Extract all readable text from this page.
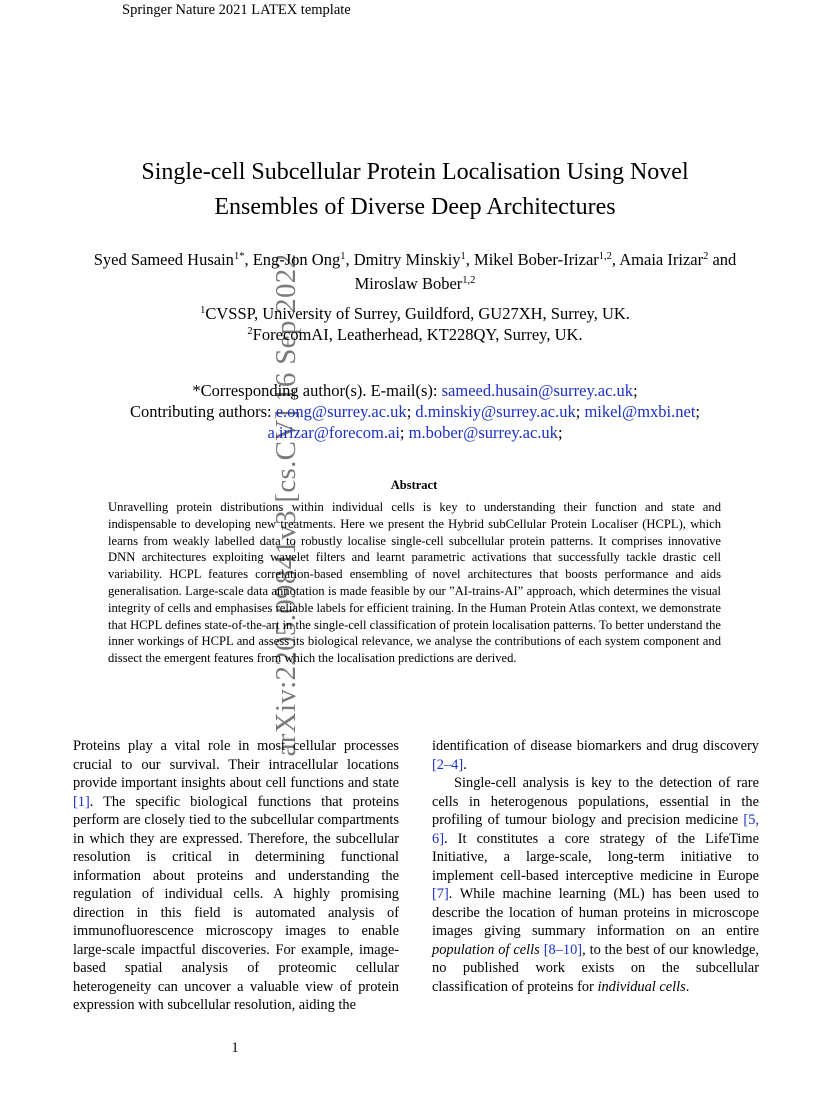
Springer Nature 2021 LATEX template
arXiv:2205.09841v3 [cs.CV] 16 Sep 2022
Single-cell Subcellular Protein Localisation Using Novel
Ensembles of Diverse Deep Architectures
Syed Sameed Husain$^{1*}$, Eng-Jon Ong$^1$, Dmitry Minskiy$^1$, Mikel Bober-Irizar$^{1,2}$, Amaia Irizar$^2$ and Miroslaw Bober$^{1,2}$
$^1$CVSSP, University of Surrey, Guildford, GU27XH, Surrey, UK.
$^2$ForecomAI, Leatherhead, KT228QY, Surrey, UK.
*Corresponding author(s). E-mail(s): sameed.husain@surrey.ac.uk;
Contributing authors: e.ong@surrey.ac.uk; d.minskiy@surrey.ac.uk; mikel@mxbi.net;
a.irizar@forecom.ai; m.bober@surrey.ac.uk;
Abstract
Unravelling protein distributions within individual cells is key to understanding their function and state and indispensable to developing new treatments. Here we present the Hybrid subCellular Protein Localiser (HCPL), which learns from weakly labelled data to robustly localise single-cell subcellular protein patterns. It comprises innovative DNN architectures exploiting wavelet filters and learnt parametric activations that successfully tackle drastic cell variability. HCPL features correlation-based ensembling of novel architectures that boosts performance and aids generalisation. Large-scale data annotation is made feasible by our ”AI-trains-AI” approach, which determines the visual integrity of cells and emphasises reliable labels for efficient training. In the Human Protein Atlas context, we demonstrate that HCPL defines state-of-the-art in the single-cell classification of protein localisation patterns. To better understand the inner workings of HCPL and assess its biological relevance, we analyse the contributions of each system component and dissect the emergent features from which the localisation predictions are derived.

Proteins play a vital role in most cellular processes crucial to our survival. Their intracellular locations provide important insights about cell functions and state [1]. The specific biological functions that proteins perform are closely tied to the subcellular compartments in which they are expressed. Therefore, the subcellular resolution is critical in determining functional information about proteins and understanding the regulation of individual cells. A highly promising direction in this field is automated analysis of immunofluorescence microscopy images to enable large-scale impactful discoveries. For example, image-based spatial analysis of proteomic cellular heterogeneity can uncover a valuable view of protein expression with subcellular resolution, aiding the

identification of disease biomarkers and drug discovery [2–4].

Single-cell analysis is key to the detection of rare cells in heterogenous populations, essential in the profiling of tumour biology and precision medicine [5, 6]. It constitutes a core strategy of the LifeTime Initiative, a large-scale, long-term initiative to implement cell-based interceptive medicine in Europe [7]. While machine learning (ML) has been used to describe the location of human proteins in microscope images giving summary information on an entire population of cells [8–10], to the best of our knowledge, no published work exists on the subcellular classification of proteins for individual cells.

1
